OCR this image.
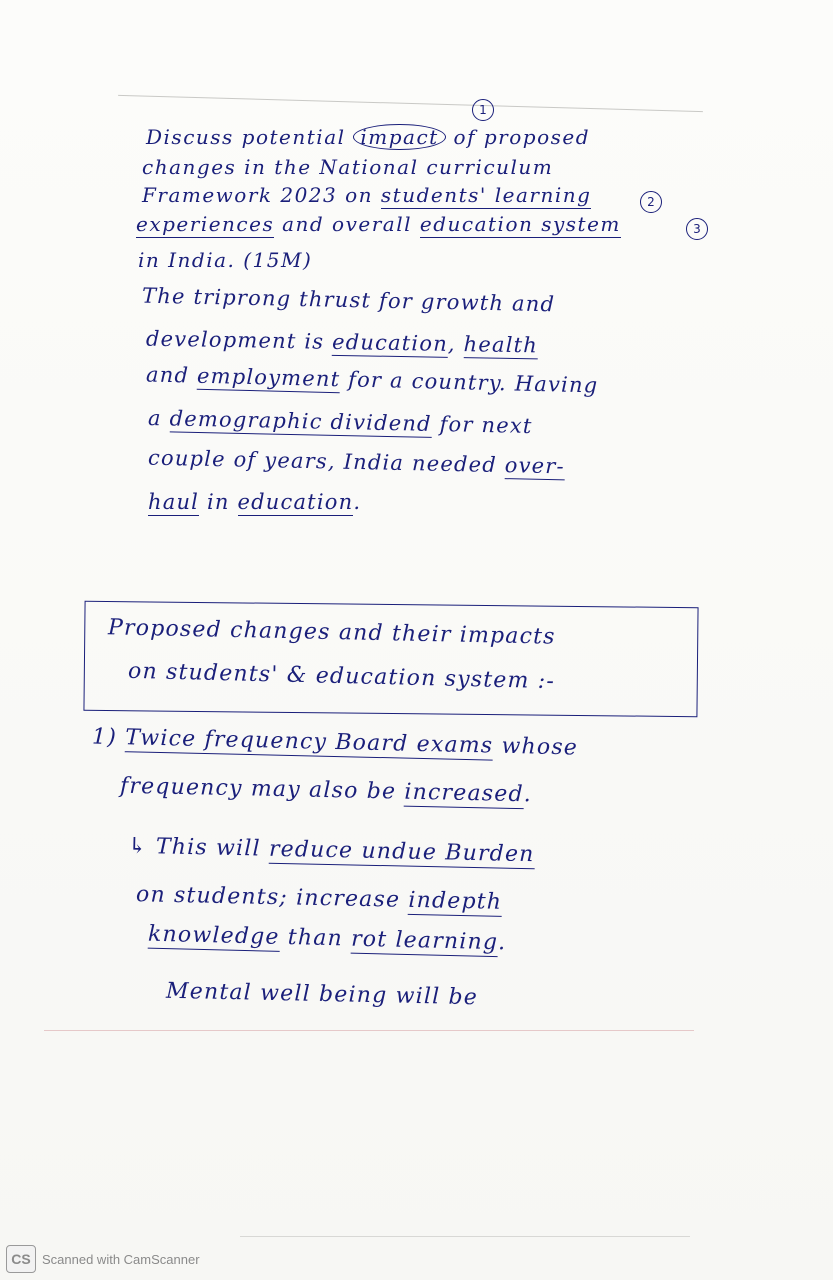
1
Discuss potential impact of proposed
changes in the National curriculum
Framework 2023 on students' learning	2
experiences and overall education system	3
in India. (15M)
The triprong thrust for growth and
development is education, health
and employment for a country. Having
a demographic dividend for next
couple of years, India needed over-
haul in education.
Proposed changes and their impacts
on students' & education system :-
1) Twice frequency Board exams whose
frequency may also be increased.
↳ This will reduce undue Burden
on students; increase indepth
knowledge than rot learning.
Mental well being will be
CS Scanned with CamScanner
